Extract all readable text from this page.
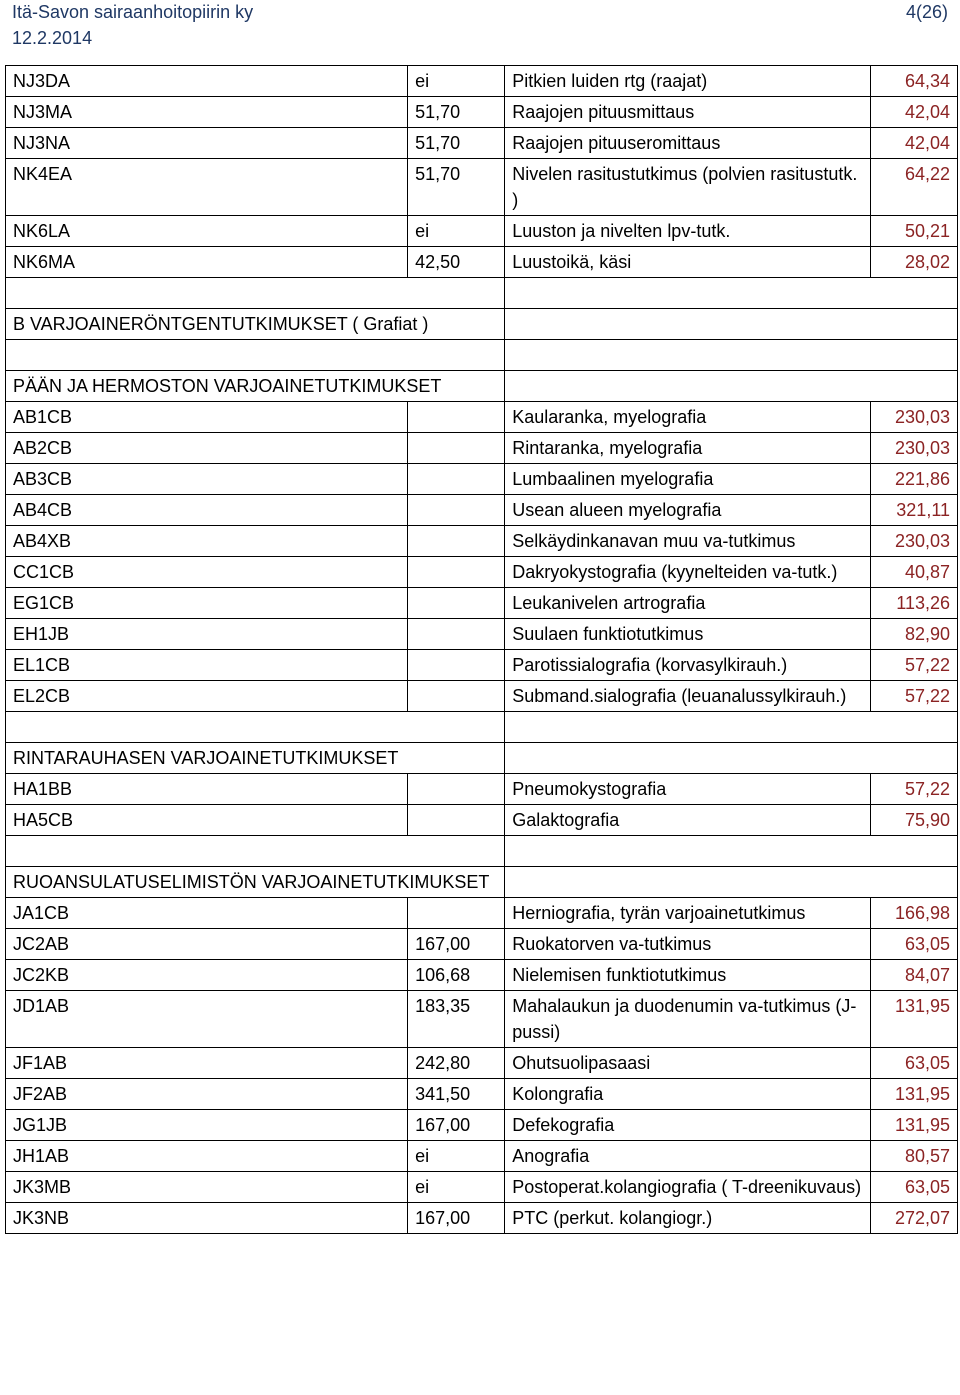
Itä-Savon sairaanhoitopiirin ky
12.2.2014
4(26)
NJ3DA	ei	Pitkien luiden rtg (raajat)	64,34
NJ3MA	51,70	Raajojen pituusmittaus	42,04
NJ3NA	51,70	Raajojen pituuseromittaus	42,04
NK4EA	51,70	Nivelen rasitustutkimus (polvien rasitustutk. )	64,22
NK6LA	ei	Luuston ja nivelten lpv-tutk.	50,21
NK6MA	42,50	Luustoikä, käsi	28,02

B VARJOAINERÖNTGENTUTKIMUKSET ( Grafiat )			

PÄÄN JA HERMOSTON VARJOAINETUTKIMUKSET			
AB1CB		Kaularanka, myelografia	230,03
AB2CB		Rintaranka, myelografia	230,03
AB3CB		Lumbaalinen myelografia	221,86
AB4CB		Usean alueen myelografia	321,11
AB4XB		Selkäydinkanavan muu va-tutkimus	230,03
CC1CB		Dakryokystografia (kyynelteiden va-tutk.)	40,87
EG1CB		Leukanivelen artrografia	113,26
EH1JB		Suulaen funktiotutkimus	82,90
EL1CB		Parotissialografia (korvasylkirauh.)	57,22
EL2CB		Submand.sialografia (leuanalussylkirauh.)	57,22

RINTARAUHASEN VARJOAINETUTKIMUKSET			
HA1BB		Pneumokystografia	57,22
HA5CB		Galaktografia	75,90

RUOANSULATUSELIMISTÖN VARJOAINETUTKIMUKSET			
JA1CB		Herniografia, tyrän varjoainetutkimus	166,98
JC2AB	167,00	Ruokatorven va-tutkimus	63,05
JC2KB	106,68	Nielemisen funktiotutkimus	84,07
JD1AB	183,35	Mahalaukun ja duodenumin va-tutkimus (J-pussi)	131,95
JF1AB	242,80	Ohutsuolipasaasi	63,05
JF2AB	341,50	Kolongrafia	131,95
JG1JB	167,00	Defekografia	131,95
JH1AB	ei	Anografia	80,57
JK3MB	ei	Postoperat.kolangiografia ( T-dreenikuvaus)	63,05
JK3NB	167,00	PTC (perkut. kolangiogr.)	272,07
